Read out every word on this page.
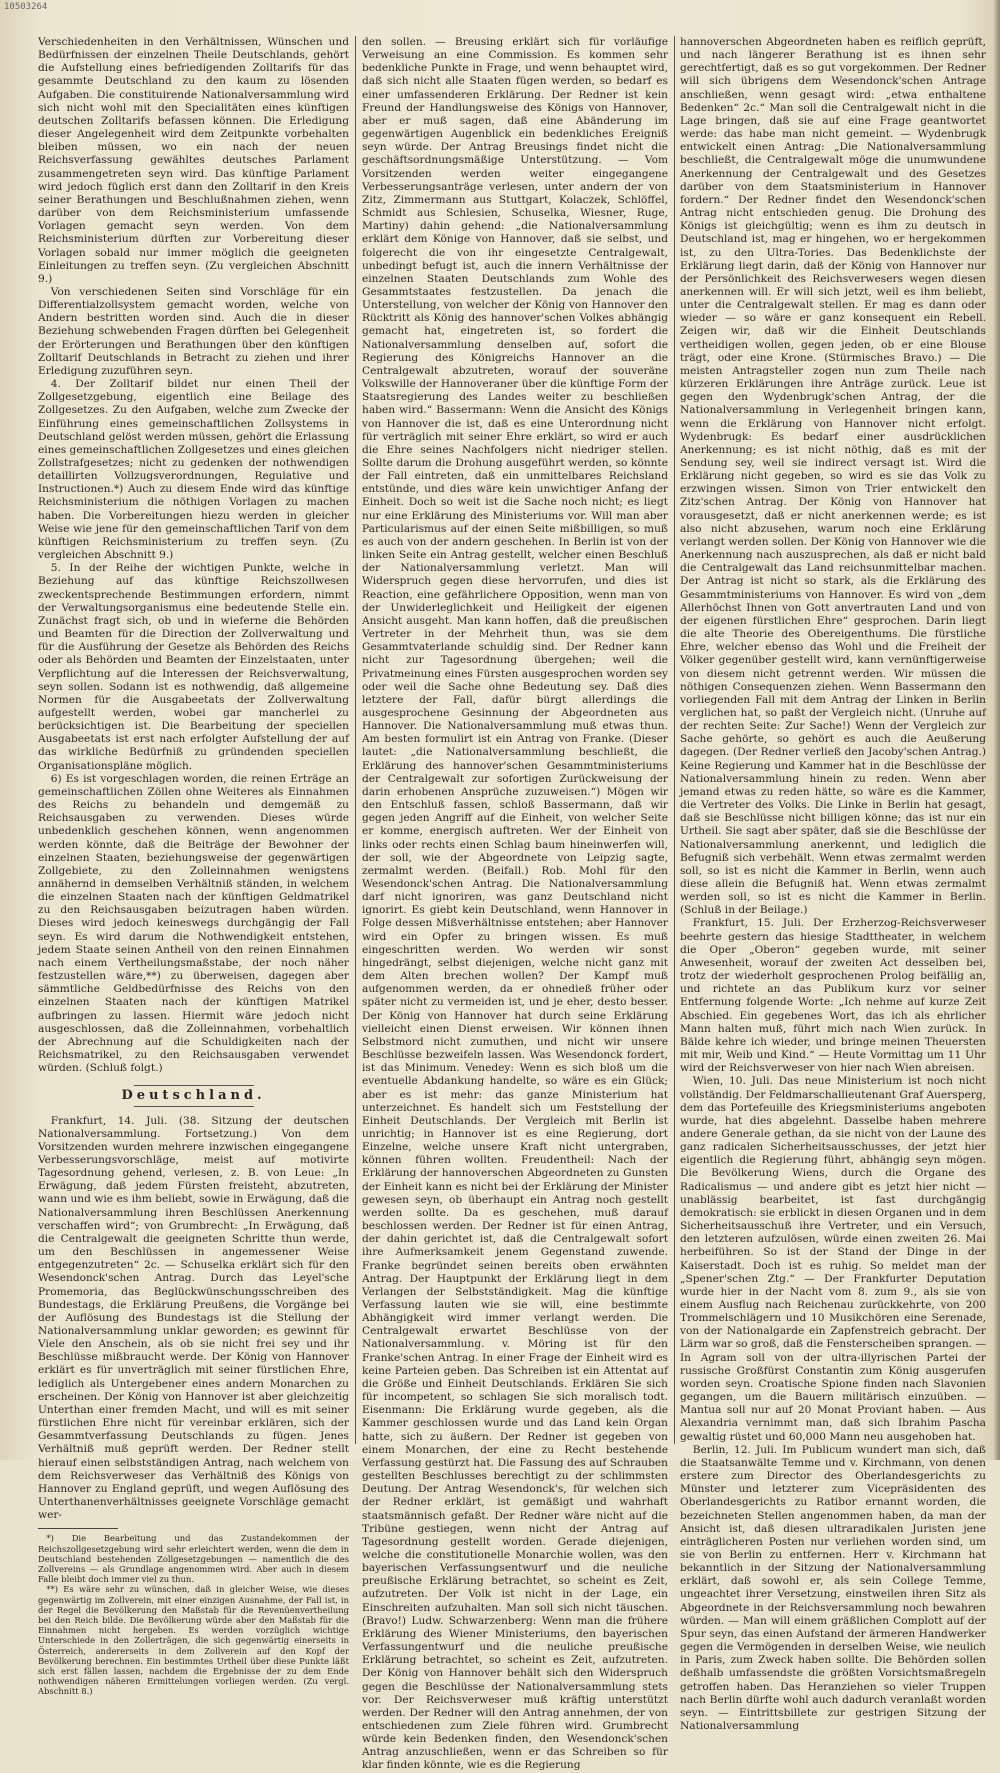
10503264

Verschiedenheiten in den Verhältnissen, Wünschen und Bedürfnissen der einzelnen Theile Deutschlands, gehört die Aufstellung eines befriedigenden Zolltarifs für das gesammte Deutschland zu den kaum zu lösenden Aufgaben. Die constituirende Nationalversammlung wird sich nicht wohl mit den Specialitäten eines künftigen deutschen Zolltarifs befassen können. Die Erledigung dieser Angelegenheit wird dem Zeitpunkte vorbehalten bleiben müssen, wo ein nach der neuen Reichsverfassung gewähltes deutsches Parlament zusammengetreten seyn wird. Das künftige Parlament wird jedoch füglich erst dann den Zolltarif in den Kreis seiner Berathungen und Beschlußnahmen ziehen, wenn darüber von dem Reichsministerium umfassende Vorlagen gemacht seyn werden. Von dem Reichsministerium dürften zur Vorbereitung dieser Vorlagen sobald nur immer möglich die geeigneten Einleitungen zu treffen seyn. (Zu vergleichen Abschnitt 9.)

Von verschiedenen Seiten sind Vorschläge für ein Differentialzollsystem gemacht worden, welche von Andern bestritten worden sind. Auch die in dieser Beziehung schwebenden Fragen dürften bei Gelegenheit der Erörterungen und Berathungen über den künftigen Zolltarif Deutschlands in Betracht zu ziehen und ihrer Erledigung zuzuführen seyn.

4. Der Zolltarif bildet nur einen Theil der Zollgesetzgebung, eigentlich eine Beilage des Zollgesetzes. Zu den Aufgaben, welche zum Zwecke der Einführung eines gemeinschaftlichen Zollsystems in Deutschland gelöst werden müssen, gehört die Erlassung eines gemeinschaftlichen Zollgesetzes und eines gleichen Zollstrafgesetzes; nicht zu gedenken der nothwendigen detaillirten Vollzugsverordnungen, Regulative und Instructionen.*) Auch zu diesem Ende wird das künftige Reichsministerium die nöthigen Vorlagen zu machen haben. Die Vorbereitungen hiezu werden in gleicher Weise wie jene für den gemeinschaftlichen Tarif von dem künftigen Reichsministerium zu treffen seyn. (Zu vergleichen Abschnitt 9.)

5. In der Reihe der wichtigen Punkte, welche in Beziehung auf das künftige Reichszollwesen zweckentsprechende Bestimmungen erfordern, nimmt der Verwaltungsorganismus eine bedeutende Stelle ein. Zunächst fragt sich, ob und in wieferne die Behörden und Beamten für die Direction der Zollverwaltung und für die Ausführung der Gesetze als Behörden des Reichs oder als Behörden und Beamten der Einzelstaaten, unter Verpflichtung auf die Interessen der Reichsverwaltung, seyn sollen. Sodann ist es nothwendig, daß allgemeine Normen für die Ausgabeetats der Zollverwaltung aufgestellt werden, wobei gar mancherlei zu berücksichtigen ist. Die Bearbeitung der speciellen Ausgabeetats ist erst nach erfolgter Aufstellung der auf das wirkliche Bedürfniß zu gründenden speciellen Organisationspläne möglich.

6) Es ist vorgeschlagen worden, die reinen Erträge an gemeinschaftlichen Zöllen ohne Weiteres als Einnahmen des Reichs zu behandeln und demgemäß zu Reichsausgaben zu verwenden. Dieses würde unbedenklich geschehen können, wenn angenommen werden könnte, daß die Beiträge der Bewohner der einzelnen Staaten, beziehungsweise der gegenwärtigen Zollgebiete, zu den Zolleinnahmen wenigstens annähernd in demselben Verhältniß ständen, in welchem die einzelnen Staaten nach der künftigen Geldmatrikel zu den Reichsausgaben beizutragen haben würden. Dieses wird jedoch keineswegs durchgängig der Fall seyn. Es wird darum die Nothwendigkeit entstehen, jedem Staate seinen Antheil von den reinen Einnahmen nach einem Vertheilungsmaßstabe, der noch näher festzustellen wäre,**) zu überweisen, dagegen aber sämmtliche Geldbedürfnisse des Reichs von den einzelnen Staaten nach der künftigen Matrikel aufbringen zu lassen. Hiermit wäre jedoch nicht ausgeschlossen, daß die Zolleinnahmen, vorbehaltlich der Abrechnung auf die Schuldigkeiten nach der Reichsmatrikel, zu den Reichsausgaben verwendet würden. (Schluß folgt.)

Deutschland.

Frankfurt, 14. Juli. (38. Sitzung der deutschen Nationalversammlung. Fortsetzung.) Von dem Vorsitzenden wurden mehrere inzwischen eingegangene Verbesserungsvorschläge, meist auf motivirte Tagesordnung gehend, verlesen, z. B. von Leue: „In Erwägung, daß jedem Fürsten freisteht, abzutreten, wann und wie es ihm beliebt, sowie in Erwägung, daß die Nationalversammlung ihren Beschlüssen Anerkennung verschaffen wird“; von Grumbrecht: „In Erwägung, daß die Centralgewalt die geeigneten Schritte thun werde, um den Beschlüssen in angemessener Weise entgegenzutreten“ 2c. — Schuselka erklärt sich für den Wesendonck'schen Antrag. Durch das Leyel'sche Promemoria, das Beglückwünschungsschreiben des Bundestags, die Erklärung Preußens, die Vorgänge bei der Auflösung des Bundestags ist die Stellung der Nationalversammlung unklar geworden; es gewinnt für Viele den Anschein, als ob sie nicht frei sey und ihr Beschlüsse mißbraucht werde. Der König von Hannover erklärt es für unverträglich mit seiner fürstlichen Ehre, lediglich als Untergebener eines andern Monarchen zu erscheinen. Der König von Hannover ist aber gleichzeitig Unterthan einer fremden Macht, und will es mit seiner fürstlichen Ehre nicht für vereinbar erklären, sich der Gesammtverfassung Deutschlands zu fügen. Jenes Verhältniß muß geprüft werden. Der Redner stellt hierauf einen selbstständigen Antrag, nach welchem von dem Reichsverweser das Verhältniß des Königs von Hannover zu England geprüft, und wegen Auflösung des Unterthanenverhältnisses geeignete Vorschläge gemacht wer-

*) Die Bearbeitung und das Zustandekommen der Reichszollgesetzgebung wird sehr erleichtert werden, wenn die dem in Deutschland bestehenden Zollgesetzgebungen — namentlich die des Zollvereins — als Grundlage angenommen wird. Aber auch in diesem Falle bleibt doch immer viel zu thun.

**) Es wäre sehr zu wünschen, daß in gleicher Weise, wie dieses gegenwärtig im Zollverein, mit einer einzigen Ausnahme, der Fall ist, in der Regel die Bevölkerung den Maßstab für die Revenüenvertheilung bei den Reich bilde. Die Bevölkerung würde aber den Maßstab für die Einnahmen nicht hergeben. Es werden vorzüglich wichtige Unterschiede in den Zollerträgen, die sich gegenwärtig einerseits in Österreich, andererseits in dem Zollverein auf den Kopf der Bevölkerung berechnen. Ein bestimmtes Urtheil über diese Punkte läßt sich erst fällen lassen, nachdem die Ergebnisse der zu dem Ende nothwendigen näheren Ermittelungen vorliegen werden. (Zu vergl. Abschnitt 8.)

den sollen. — Breusing erklärt sich für vorläufige Verweisung an eine Commission. Es kommen sehr bedenkliche Punkte in Frage, und wenn behauptet wird, daß sich nicht alle Staaten fügen werden, so bedarf es einer umfassenderen Erklärung. Der Redner ist kein Freund der Handlungsweise des Königs von Hannover, aber er muß sagen, daß eine Abänderung im gegenwärtigen Augenblick ein bedenkliches Ereigniß seyn würde. Der Antrag Breusings findet nicht die geschäftsordnungsmäßige Unterstützung. — Vom Vorsitzenden werden weiter eingegangene Verbesserungsanträge verlesen, unter andern der von Zitz, Zimmermann aus Stuttgart, Kolaczek, Schlöffel, Schmidt aus Schlesien, Schuselka, Wiesner, Ruge, Martiny) dahin gehend: „die Nationalversammlung erklärt dem Könige von Hannover, daß sie selbst, und folgerecht die von ihr eingesetzte Centralgewalt, unbedingt befugt ist, auch die innern Verhältnisse der einzelnen Staaten Deutschlands zum Wohle des Gesammtstaates festzustellen. Da jenach die Unterstellung, von welcher der König von Hannover den Rücktritt als König des hannover'schen Volkes abhängig gemacht hat, eingetreten ist, so fordert die Nationalversammlung denselben auf, sofort die Regierung des Königreichs Hannover an die Centralgewalt abzutreten, worauf der souveräne Volkswille der Hannoveraner über die künftige Form der Staatsregierung des Landes weiter zu beschließen haben wird.“ Bassermann: Wenn die Ansicht des Königs von Hannover die ist, daß es eine Unterordnung nicht für verträglich mit seiner Ehre erklärt, so wird er auch die Ehre seines Nachfolgers nicht niedriger stellen. Sollte darum die Drohung ausgeführt werden, so könnte der Fall eintreten, daß ein unmittelbares Reichsland entstünde, und dies wäre kein unwichtiger Anfang der Einheit. Doch so weit ist die Sache noch nicht; es liegt nur eine Erklärung des Ministeriums vor. Will man aber Particularismus auf der einen Seite mißbilligen, so muß es auch von der andern geschehen. In Berlin ist von der linken Seite ein Antrag gestellt, welcher einen Beschluß der Nationalversammlung verletzt. Man will Widerspruch gegen diese hervorrufen, und dies ist Reaction, eine gefährlichere Opposition, wenn man von der Unwiderleglichkeit und Heiligkeit der eigenen Ansicht ausgeht. Man kann hoffen, daß die preußischen Vertreter in der Mehrheit thun, was sie dem Gesammtvaterlande schuldig sind. Der Redner kann nicht zur Tagesordnung übergehen; weil die Privatmeinung eines Fürsten ausgesprochen worden sey oder weil die Sache ohne Bedeutung sey. Daß dies letztere der Fall, dafür bürgt allerdings die ausgesprochene Gesinnung der Abgeordneten aus Hannover. Die Nationalversammlung muß etwas thun. Am besten formulirt ist ein Antrag von Franke. (Dieser lautet: „die Nationalversammlung beschließt, die Erklärung des hannover'schen Gesammtministeriums der Centralgewalt zur sofortigen Zurückweisung der darin erhobenen Ansprüche zuzuweisen.“) Mögen wir den Entschluß fassen, schloß Bassermann, daß wir gegen jeden Angriff auf die Einheit, von welcher Seite er komme, energisch auftreten. Wer der Einheit von links oder rechts einen Schlag baum hineinwerfen will, der soll, wie der Abgeordnete von Leipzig sagte, zermalmt werden. (Beifall.) Rob. Mohl für den Wesendonck'schen Antrag. Die Nationalversammlung darf nicht ignoriren, was ganz Deutschland nicht ignorirt. Es giebt kein Deutschland, wenn Hannover in Folge dessen Mißverhältnisse entstehen; aber Hannover wird ein Opfer zu bringen wissen. Es muß eingeschritten werden. Wo werden wir sonst hingedrängt, selbst diejenigen, welche nicht ganz mit dem Alten brechen wollen? Der Kampf muß aufgenommen werden, da er ohnedieß früher oder später nicht zu vermeiden ist, und je eher, desto besser. Der König von Hannover hat durch seine Erklärung vielleicht einen Dienst erweisen. Wir können ihnen Selbstmord nicht zumuthen, und nicht wir unsere Beschlüsse bezweifeln lassen. Was Wesendonck fordert, ist das Minimum. Venedey: Wenn es sich bloß um die eventuelle Abdankung handelte, so wäre es ein Glück; aber es ist mehr: das ganze Ministerium hat unterzeichnet. Es handelt sich um Feststellung der Einheit Deutschlands. Der Vergleich mit Berlin ist unrichtig; in Hannover ist es eine Regierung, dort Einzelne, welche unsere Kraft nicht untergraben, können führen wollten. Freudentheil: Nach der Erklärung der hannoverschen Abgeordneten zu Gunsten der Einheit kann es nicht bei der Erklärung der Minister gewesen seyn, ob überhaupt ein Antrag noch gestellt werden sollte. Da es geschehen, muß darauf beschlossen werden. Der Redner ist für einen Antrag, der dahin gerichtet ist, daß die Centralgewalt sofort ihre Aufmerksamkeit jenem Gegenstand zuwende. Franke begründet seinen bereits oben erwähnten Antrag. Der Hauptpunkt der Erklärung liegt in dem Verlangen der Selbstständigkeit. Mag die künftige Verfassung lauten wie sie will, eine bestimmte Abhängigkeit wird immer verlangt werden. Die Centralgewalt erwartet Beschlüsse von der Nationalversammlung. v. Möring ist für den Franke'schen Antrag. In einer Frage der Einheit wird es keine Parteien geben. Das Schreiben ist ein Attentat auf die Größe und Einheit Deutschlands. Erklären Sie sich für incompetent, so schlagen Sie sich moralisch todt. Eisenmann: Die Erklärung wurde gegeben, als die Kammer geschlossen wurde und das Land kein Organ hatte, sich zu äußern. Der Redner ist gegeben von einem Monarchen, der eine zu Recht bestehende Verfassung gestürzt hat. Die Fassung des auf Schrauben gestellten Beschlusses berechtigt zu der schlimmsten Deutung. Der Antrag Wesendonck's, für welchen sich der Redner erklärt, ist gemäßigt und wahrhaft staatsmännisch gefaßt. Der Redner wäre nicht auf die Tribüne gestiegen, wenn nicht der Antrag auf Tagesordnung gestellt worden. Gerade diejenigen, welche die constitutionelle Monarchie wollen, was den bayerischen Verfassungsentwurf und die neuliche preußische Erklärung betrachtet, so scheint es Zeit, aufzutreten. Der Volk ist nicht in der Lage, ein Einschreiten aufzuhalten. Man soll sich nicht täuschen. (Bravo!) Ludw. Schwarzenberg: Wenn man die frühere Erklärung des Wiener Ministeriums, den bayerischen Verfassungentwurf und die neuliche preußische Erklärung betrachtet, so scheint es Zeit, aufzutreten. Der König von Hannover behält sich den Widerspruch gegen die Beschlüsse der Nationalversammlung stets vor. Der Reichsverweser muß kräftig unterstützt werden. Der Redner will den Antrag annehmen, der von entschiedenen zum Ziele führen wird. Grumbrecht würde kein Bedenken finden, den Wesendonck'schen Antrag anzuschließen, wenn er das Schreiben so für klar finden könnte, wie es die Regierung

hannoverschen Abgeordneten haben es reiflich geprüft, und nach längerer Berathung ist es ihnen sehr gerechtfertigt, daß es so gut vorgekommen. Der Redner will sich übrigens dem Wesendonck'schen Antrage anschließen, wenn gesagt wird: „etwa enthaltene Bedenken“ 2c.“ Man soll die Centralgewalt nicht in die Lage bringen, daß sie auf eine Frage geantwortet werde: das habe man nicht gemeint. — Wydenbrugk entwickelt einen Antrag: „Die Nationalversammlung beschließt, die Centralgewalt möge die unumwundene Anerkennung der Centralgewalt und des Gesetzes darüber von dem Staatsministerium in Hannover fordern.“ Der Redner findet den Wesendonck'schen Antrag nicht entschieden genug. Die Drohung des Königs ist gleichgültig; wenn es ihm zu deutsch in Deutschland ist, mag er hingehen, wo er hergekommen ist, zu den Ultra-Tories. Das Bedenklichste der Erklärung liegt darin, daß der König von Hannover nur der Persönlichkeit des Reichsverwesers wegen diesen anerkennen will. Er will sich jetzt, weil es ihm beliebt, unter die Centralgewalt stellen. Er mag es dann oder wieder — so wäre er ganz konsequent ein Rebell. Zeigen wir, daß wir die Einheit Deutschlands vertheidigen wollen, gegen jeden, ob er eine Blouse trägt, oder eine Krone. (Stürmisches Bravo.) — Die meisten Antragsteller zogen nun zum Theile nach kürzeren Erklärungen ihre Anträge zurück. Leue ist gegen den Wydenbrugk'schen Antrag, der die Nationalversammlung in Verlegenheit bringen kann, wenn die Erklärung von Hannover nicht erfolgt. Wydenbrugk: Es bedarf einer ausdrücklichen Anerkennung; es ist nicht nöthig, daß es mit der Sendung sey, weil sie indirect versagt ist. Wird die Erklärung nicht gegeben, so wird es sie das Volk zu erzwingen wissen. Simon von Trier entwickelt den Zitz'schen Antrag. Der König von Hannover hat vorausgesetzt, daß er nicht anerkennen werde; es ist also nicht abzusehen, warum noch eine Erklärung verlangt werden sollen. Der König von Hannover wie die Anerkennung nach auszusprechen, als daß er nicht bald die Centralgewalt das Land reichsunmittelbar machen. Der Antrag ist nicht so stark, als die Erklärung des Gesammtministeriums von Hannover. Es wird von „dem Allerhöchst Ihnen von Gott anvertrauten Land und von der eigenen fürstlichen Ehre“ gesprochen. Darin liegt die alte Theorie des Obereigenthums. Die fürstliche Ehre, welcher ebenso das Wohl und die Freiheit der Völker gegenüber gestellt wird, kann vernünftigerweise von diesem nicht getrennt werden. Wir müssen die nöthigen Consequenzen ziehen. Wenn Bassermann den vorliegenden Fall mit dem Antrag der Linken in Berlin verglichen hat, so paßt der Vergleich nicht. (Unruhe auf der rechten Seite: Zur Sache!) Wenn der Vergleich zur Sache gehörte, so gehört es auch die Aeußerung dagegen. (Der Redner verließ den Jacoby'schen Antrag.) Keine Regierung und Kammer hat in die Beschlüsse der Nationalversammlung hinein zu reden. Wenn aber jemand etwas zu reden hätte, so wäre es die Kammer, die Vertreter des Volks. Die Linke in Berlin hat gesagt, daß sie Beschlüsse nicht billigen könne; das ist nur ein Urtheil. Sie sagt aber später, daß sie die Beschlüsse der Nationalversammlung anerkennt, und lediglich die Befugniß sich verbehält. Wenn etwas zermalmt werden soll, so ist es nicht die Kammer in Berlin, wenn auch diese allein die Befugniß hat. Wenn etwas zermalmt werden soll, so ist es nicht die Kammer in Berlin. (Schluß in der Beilage.)

Frankfurt, 15. Juli. Der Erzherzog-Reichsverweser beehrte gestern das hiesige Stadttheater, in welchem die Oper „Oberon“ gegeben wurde, mit seiner Anwesenheit, worauf der zweiten Act desselben bei, trotz der wiederholt gesprochenen Prolog beifällig an, und richtete an das Publikum kurz vor seiner Entfernung folgende Worte: „Ich nehme auf kurze Zeit Abschied. Ein gegebenes Wort, das ich als ehrlicher Mann halten muß, führt mich nach Wien zurück. In Bälde kehre ich wieder, und bringe meinen Theuersten mit mir, Weib und Kind.“ — Heute Vormittag um 11 Uhr wird der Reichsverweser von hier nach Wien abreisen.

Wien, 10. Juli. Das neue Ministerium ist noch nicht vollständig. Der Feldmarschallieutenant Graf Auersperg, dem das Portefeuille des Kriegsministeriums angeboten wurde, hat dies abgelehnt. Dasselbe haben mehrere andere Generale gethan, da sie nicht von der Laune des ganz radicalen Sicherheitsausschusses, der jetzt hier eigentlich die Regierung führt, abhängig seyn mögen. Die Bevölkerung Wiens, durch die Organe des Radicalismus — und andere gibt es jetzt hier nicht — unablässig bearbeitet, ist fast durchgängig demokratisch: sie erblickt in diesen Organen und in dem Sicherheitsausschuß ihre Vertreter, und ein Versuch, den letzteren aufzulösen, würde einen zweiten 26. Mai herbeiführen. So ist der Stand der Dinge in der Kaiserstadt. Doch ist es ruhig. So meldet man der „Spener'schen Ztg.“ — Der Frankfurter Deputation wurde hier in der Nacht vom 8. zum 9., als sie von einem Ausflug nach Reichenau zurückkehrte, von 200 Trommelschlägern und 10 Musikchören eine Serenade, von der Nationalgarde ein Zapfenstreich gebracht. Der Lärm war so groß, daß die Fensterscheiben sprangen. — In Agram soll von der ultra-illyrischen Partei der russische Großfürst Constantin zum König ausgerufen worden seyn. Croatische Spione finden nach Slavonien gegangen, um die Bauern militärisch einzuüben. — Mantua soll nur auf 20 Monat Proviant haben. — Aus Alexandria vernimmt man, daß sich Ibrahim Pascha gewaltig rüstet und 60,000 Mann neu ausgehoben hat.

Berlin, 12. Juli. Im Publicum wundert man sich, daß die Staatsanwälte Temme und v. Kirchmann, von denen erstere zum Director des Oberlandesgerichts zu Münster und letzterer zum Vicepräsidenten des Oberlandesgerichts zu Ratibor ernannt worden, die bezeichneten Stellen angenommen haben, da man der Ansicht ist, daß diesen ultraradikalen Juristen jene einträglicheren Posten nur verliehen worden sind, um sie von Berlin zu entfernen. Herr v. Kirchmann hat bekanntlich in der Sitzung der Nationalversammlung erklärt, daß sowohl er, als sein College Temme, ungeachtet ihrer Versetzung, einstweilen ihren Sitz als Abgeordnete in der Reichsversammlung noch bewahren würden. — Man will einem gräßlichen Complott auf der Spur seyn, das einen Aufstand der ärmeren Handwerker gegen die Vermögenden in derselben Weise, wie neulich in Paris, zum Zweck haben sollte. Die Behörden sollen deßhalb umfassendste die größten Vorsichtsmaßregeln getroffen haben. Das Heranziehen so vieler Truppen nach Berlin dürfte wohl auch dadurch veranlaßt worden seyn. — Eintrittsbillete zur gestrigen Sitzung der Nationalversammlung
